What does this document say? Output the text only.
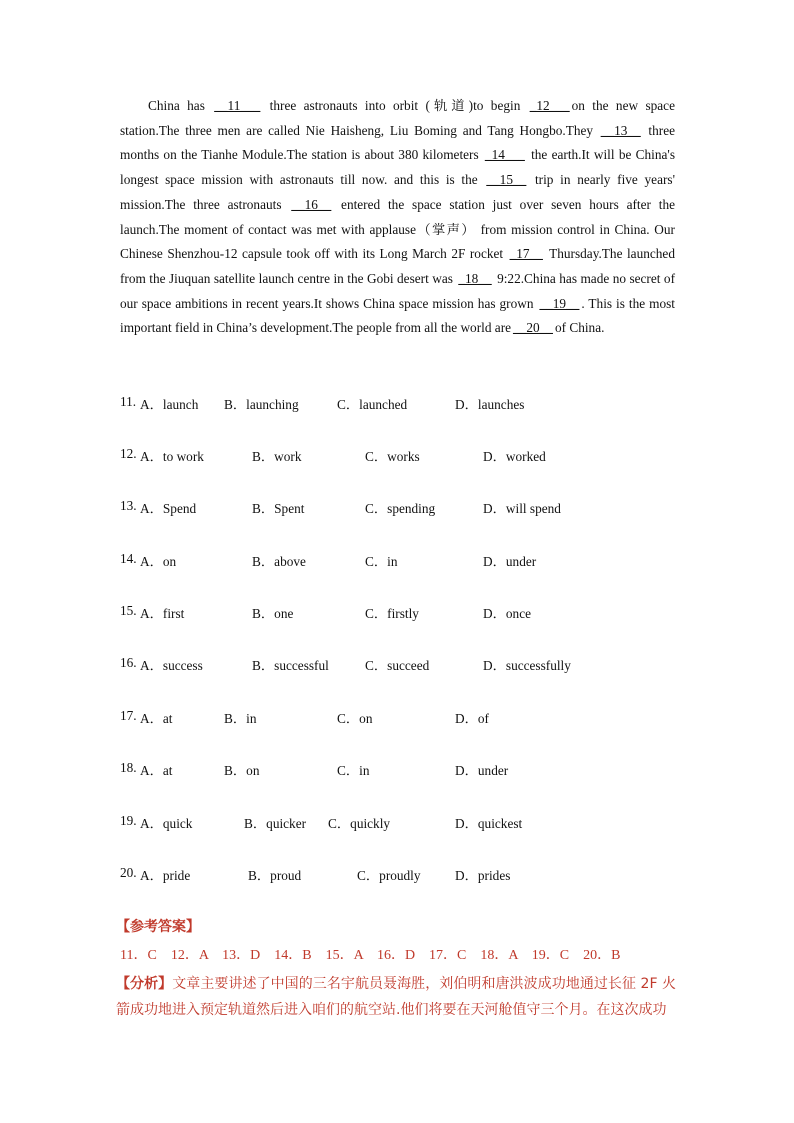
China has __11___ three astronauts into orbit (轨道)to begin _12___ on the new space station.The three men are called Nie Haisheng, Liu Boming and Tang Hongbo.They __13__ three months on the Tianhe Module.The station is about 380 kilometers _14___ the earth.It will be China's longest space mission with astronauts till now. and this is the __15__ trip in nearly five years' mission.The three astronauts __16__ entered the space station just over seven hours after the launch.The moment of contact was met with applause（掌声） from mission control in China. Our Chinese Shenzhou-12 capsule took off with its Long March 2F rocket _17__ Thursday.The launched from the Jiuquan satellite launch centre in the Gobi desert was _18__ 9:22.China has made no secret of our space ambitions in recent years.It shows China space mission has grown __19__ . This is the most important field in China’s development.The people from all the world are __20__ of China.

11. A．launch B．launching	C．launched	D．launches
12. A．to work	B．work	C．works	D．worked
13. A．Spend	B．Spent	C．spending	D．will spend
14. A．on	B．above	C．in	D．under
15. A．first	B．one	C．firstly	D．once
16. A．success	B．successful	C．succeed	D．successfully
17. A．at	B．in	C．on	D．of
18. A．at	B．on	C．in	D．under
19. A．quick	B．quicker C．quickly	D．quickest
20. A．pride	B．proud	C．proudly	D．prides
【参考答案】
11．C　12．A　13．D　14．B　15．A　16．D　17．C　18．A　19．C　20．B
【分析】文章主要讲述了中国的三名宇航员聂海胜，刘伯明和唐洪波成功地通过长征 2F 火箭成功地进入预定轨道然后进入咱们的航空站.他们将要在天河舱值守三个月。在这次成功
